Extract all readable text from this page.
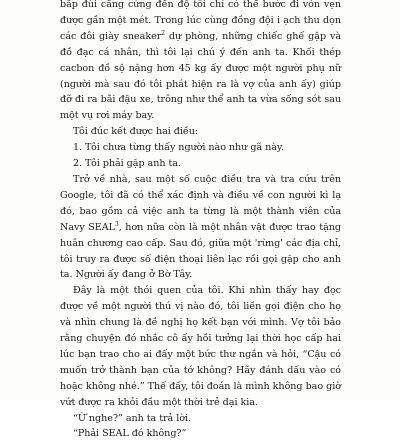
bắp đùi căng cứng đến độ tôi chỉ có thể bước đi vỏn vẹn được gần một mét. Trong lúc cùng đồng đội i ạch thu dọn các đôi giày sneaker$^2$ dự phòng, những chiếc ghế gập và đồ đạc cá nhân, thì tôi lại chú ý đến anh ta. Khối thép cacbon đồ sộ nặng hơn 45 kg ấy được một người phụ nữ (người mà sau đó tôi phát hiện ra là vợ của anh ấy) giúp đỡ đi ra bãi đậu xe, trông như thể anh ta vừa sống sót sau một vụ rơi máy bay.

Tôi đúc kết được hai điều:

1. Tôi chưa từng thấy người nào như gã này.

2. Tôi phải gặp anh ta.

Trở về nhà, sau một số cuộc điều tra và tra cứu trên Google, tôi đã có thể xác định và điều về con người kì lạ đó, bao gồm cả việc anh ta từng là một thành viên của Navy SEAL$^3$, hơn nữa còn là một nhân vật được trao tặng huân chương cao cấp. Sau đó, giữa một 'rừng' các địa chỉ, tôi truy ra được số điện thoại liên lạc rồi gọi gặp cho anh ta. Người ấy đang ở Bờ Tây.

Đây là một thói quen của tôi. Khi nhìn thấy hay đọc được về một người thú vị nào đó, tôi liền gọi điện cho họ và nhìn chung là đề nghị họ kết bạn với mình. Vợ tôi bảo rằng chuyện đó nhắc cô ấy hồi tưởng lại thời học cấp hai lúc bạn trao cho ai đấy một bức thư ngắn và hỏi, “Cậu có muốn trở thành bạn của tớ không? Hãy đánh dấu vào có hoặc không nhé.” Thế đấy, tôi đoán là mình không bao giờ vứt được ra khỏi đầu một thời trẻ dại kia.

“Ừ nghe?” anh ta trả lời.

“Phải SEAL đó không?”
